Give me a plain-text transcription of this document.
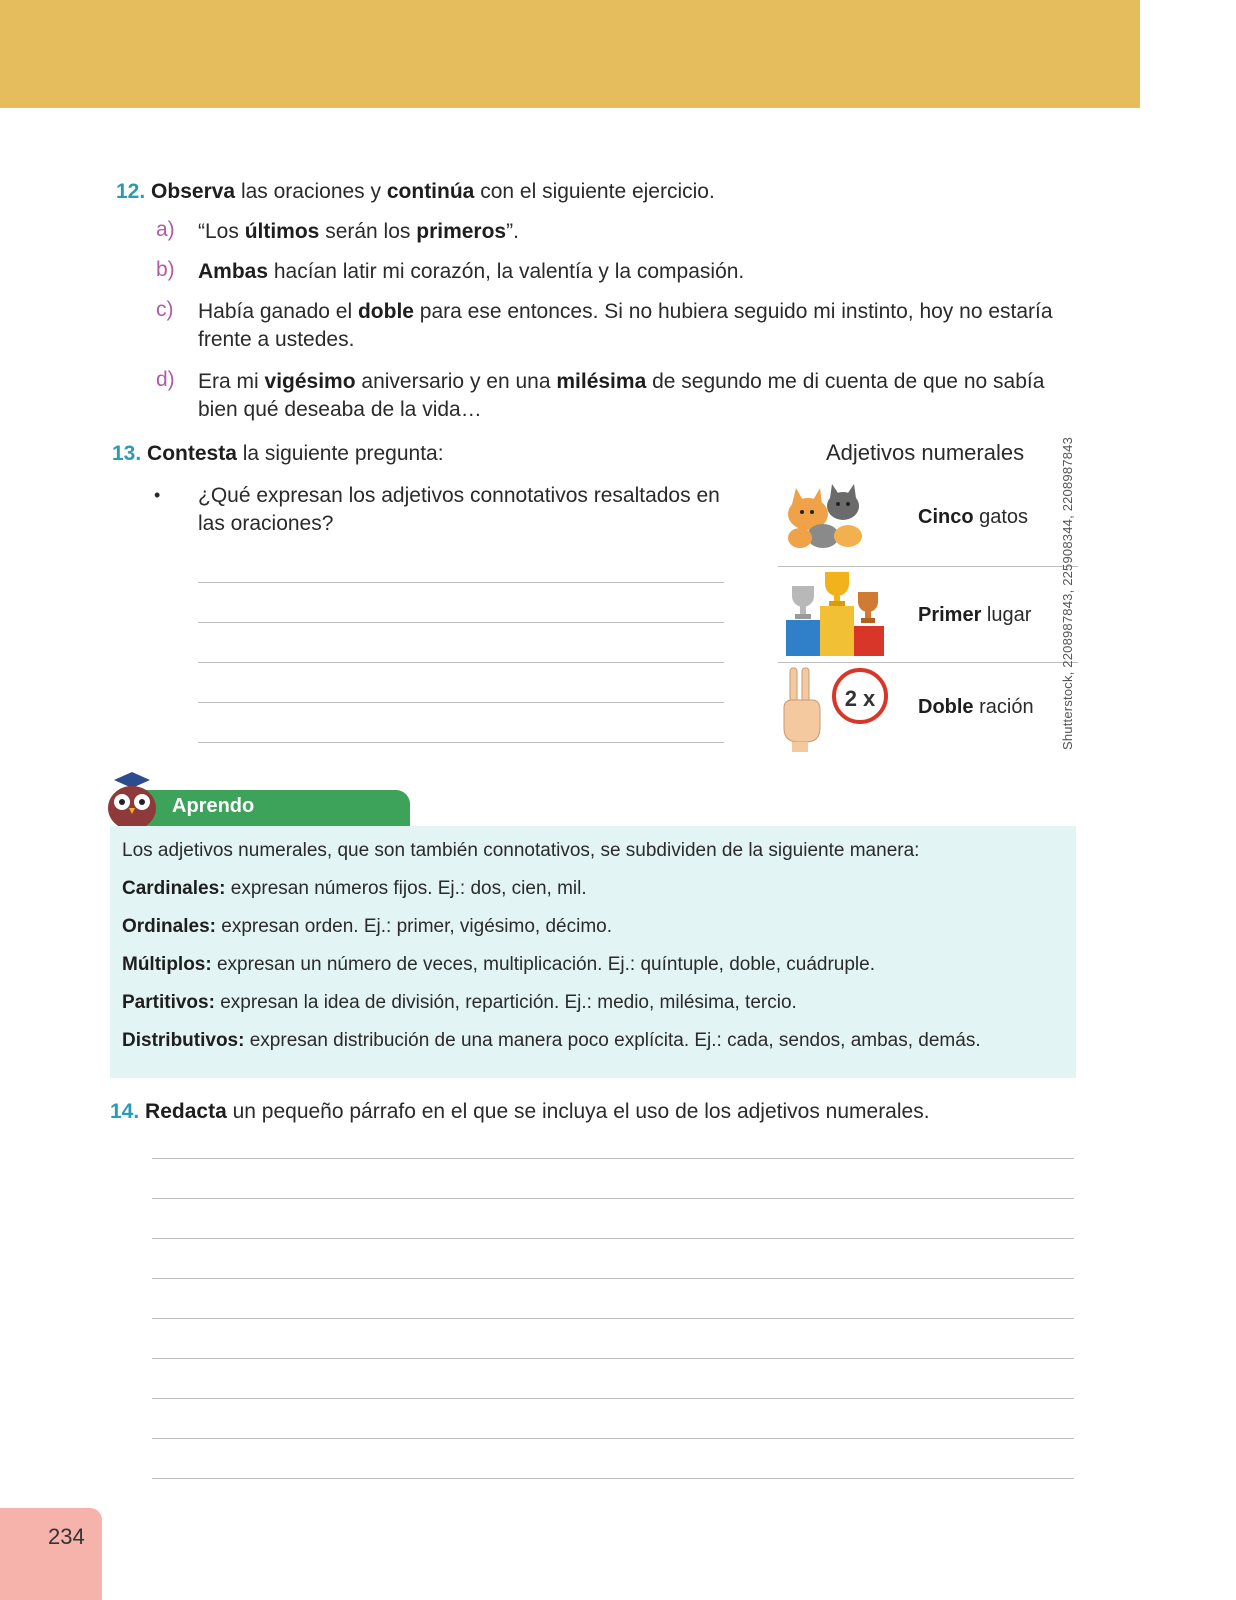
12. Observa las oraciones y continúa con el siguiente ejercicio.
a) “Los últimos serán los primeros”.
b) Ambas hacían latir mi corazón, la valentía y la compasión.
c) Había ganado el doble para ese entonces. Si no hubiera seguido mi instinto, hoy no estaría
frente a ustedes.
d) Era mi vigésimo aniversario y en una milésima de segundo me di cuenta de que no sabía
bien qué deseaba de la vida…
13. Contesta la siguiente pregunta:
• ¿Qué expresan los adjetivos connotativos resaltados en
las oraciones?
Adjetivos numerales
Cinco gatos
Primer lugar
2 x	Doble ración Shutterstock, 2208987843, 225908344, 2208987843
Aprendo
Los adjetivos numerales, que son también connotativos, se subdividen de la siguiente manera:
Cardinales: expresan números fijos. Ej.: dos, cien, mil.
Ordinales: expresan orden. Ej.: primer, vigésimo, décimo.
Múltiplos: expresan un número de veces, multiplicación. Ej.: quíntuple, doble, cuádruple.
Partitivos: expresan la idea de división, repartición. Ej.: medio, milésima, tercio.
Distributivos: expresan distribución de una manera poco explícita. Ej.: cada, sendos, ambas, demás.
14. Redacta un pequeño párrafo en el que se incluya el uso de los adjetivos numerales.
234
